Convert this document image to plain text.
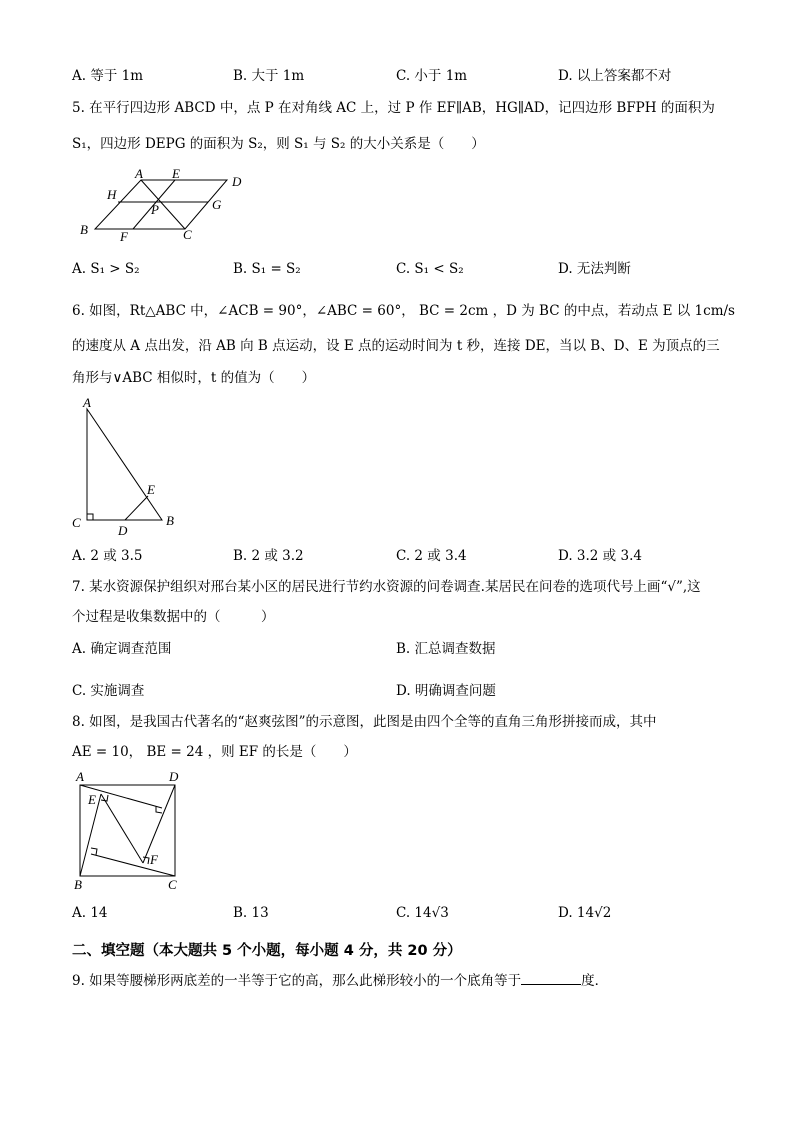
A. 等于 1m	B. 大于 1m	C. 小于 1m	D. 以上答案都不对
5. 在平行四边形 ABCD 中，点 P 在对角线 AC 上，过 P 作 EF∥AB，HG∥AD，记四边形 BFPH 的面积为
S₁，四边形 DEPG 的面积为 S₂，则 S₁ 与 S₂ 的大小关系是（　　）
A E
D
H
G
P
B F	C
A. S₁ > S₂	B. S₁ = S₂	C. S₁ < S₂	D. 无法判断
6. 如图，Rt△ABC 中，∠ACB = 90°，∠ABC = 60°， BC = 2cm ，D 为 BC 的中点，若动点 E 以 1cm/s
的速度从 A 点出发，沿 AB 向 B 点运动，设 E 点的运动时间为 t 秒，连接 DE，当以 B、D、E 为顶点的三
角形与∨ABC 相似时，t 的值为（　　）
A
E
C
D
B
A. 2 或 3.5	B. 2 或 3.2	C. 2 或 3.4	D. 3.2 或 3.4
7. 某水资源保护组织对邢台某小区的居民进行节约水资源的问卷调查.某居民在问卷的选项代号上画“√”,这
个过程是收集数据中的（　　　）
A. 确定调查范围	B. 汇总调查数据
C. 实施调查	D. 明确调查问题
8. 如图，是我国古代著名的“赵爽弦图”的示意图，此图是由四个全等的直角三角形拼接而成，其中
AE = 10， BE = 24 ，则 EF 的长是（　　）
A	D
E
F
B	C
A. 14	B. 13	C. 14√3	D. 14√2
二、填空题（本大题共 5 个小题，每小题 4 分，共 20 分）
9. 如果等腰梯形两底差的一半等于它的高，那么此梯形较小的一个底角等于	度．
